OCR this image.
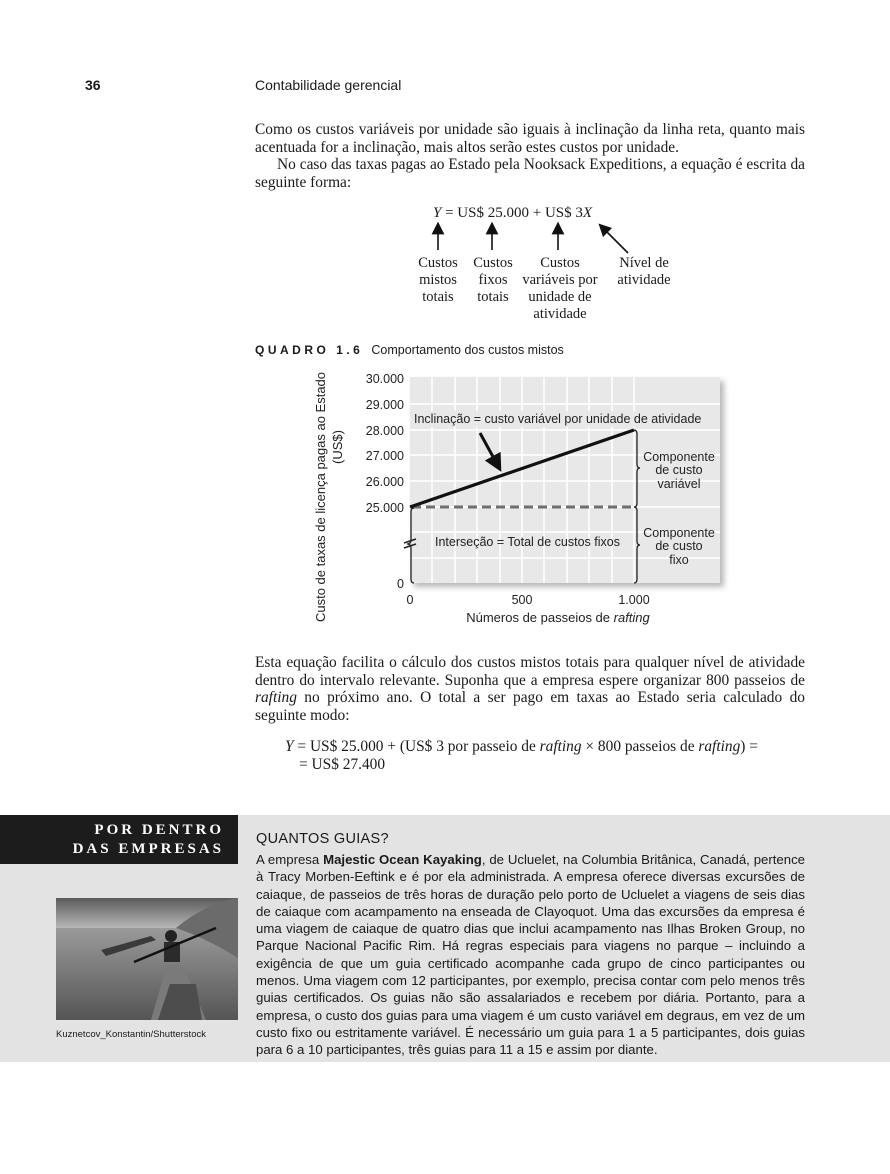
36	Contabilidade gerencial

Como os custos variáveis por unidade são iguais à inclinação da linha reta, quanto mais acentuada for a inclinação, mais altos serão estes custos por unidade.

No caso das taxas pagas ao Estado pela Nooksack Expeditions, a equação é escrita da seguinte forma:

Y = US$ 25.000 + US$ 3X
Custos
mistos
totais
Custos
fixos
totais
Custos
variáveis por
unidade de
atividade
Nível de
atividade
QUADRO 1.6 Comportamento dos custos mistos
30.000
29.000
28.000
27.000
26.000
25.000
0
0	500	1.000
Inclinação = custo variável por unidade de atividade
Interseção = Total de custos fixos
Componente
de custo
variável
Componente
de custo
fixo
Custo de taxas de licença pagas ao Estado (US$)
Números de passeios de rafting

Esta equação facilita o cálculo dos custos mistos totais para qualquer nível de atividade dentro do intervalo relevante. Suponha que a empresa espere organizar 800 passeios de rafting no próximo ano. O total a ser pago em taxas ao Estado seria calculado do seguinte modo:

Y = US$ 25.000 + (US$ 3 por passeio de rafting × 800 passeios de rafting) =
= US$ 27.400
POR DENTRO
DAS EMPRESAS
QUANTOS GUIAS?

A empresa Majestic Ocean Kayaking, de Ucluelet, na Columbia Britânica, Canadá, pertence à Tracy Morben-Eeftink e é por ela administrada. A empresa oferece diversas excursões de caiaque, de passeios de três horas de duração pelo porto de Ucluelet a viagens de seis dias de caiaque com acampamento na enseada de Clayoquot. Uma das excursões da empresa é uma viagem de caiaque de quatro dias que inclui acampamento nas Ilhas Broken Group, no Parque Nacional Pacific Rim. Há regras especiais para viagens no parque – incluindo a exigência de que um guia certificado acompanhe cada grupo de cinco participantes ou menos. Uma viagem com 12 participantes, por exemplo, precisa contar com pelo menos três guias certificados. Os guias não são assalariados e recebem por diária. Portanto, para a empresa, o custo dos guias para uma viagem é um custo variável em degraus, em vez de um custo fixo ou estritamente variável. É necessário um guia para 1 a 5 participantes, dois guias para 6 a 10 participantes, três guias para 11 a 15 e assim por diante.

Kuznetcov_Konstantin/Shutterstock
